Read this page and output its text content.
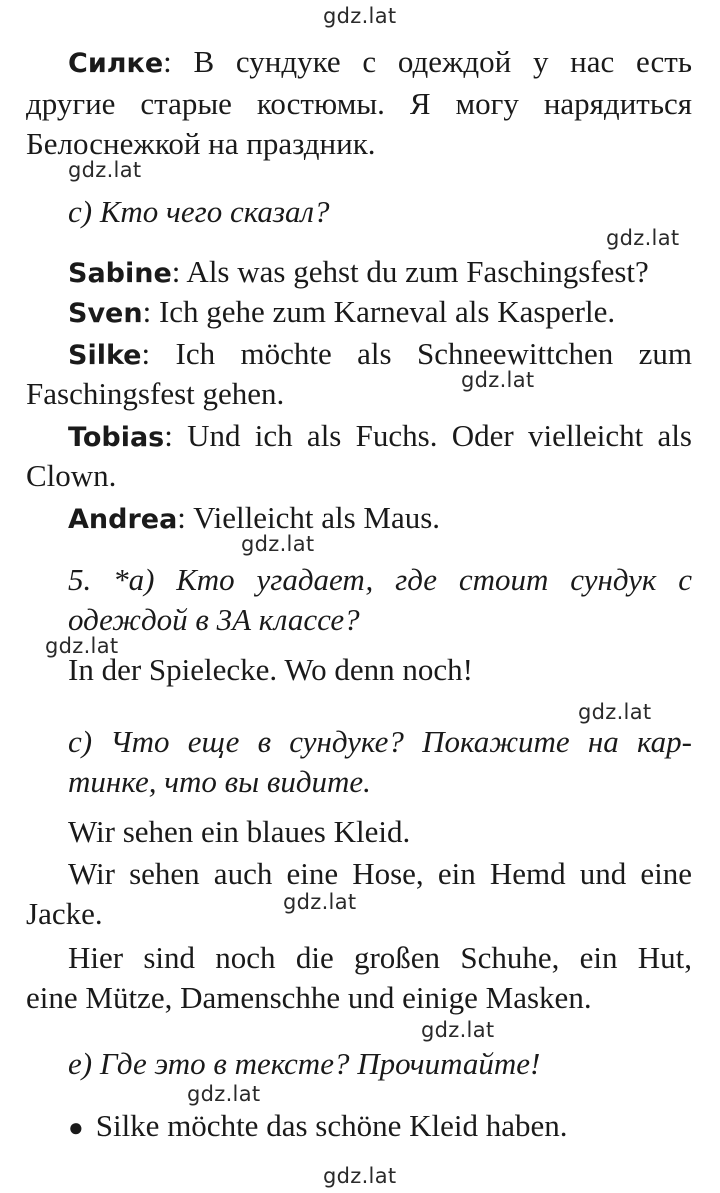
gdz.lat
gdz.lat
gdz.lat
gdz.lat
gdz.lat
gdz.lat
gdz.lat
gdz.lat
gdz.lat
gdz.lat
gdz.lat
Силке: В сундуке с одеждой у нас есть
другие старые костюмы. Я могу нарядиться
Белоснежкой на праздник.
c) Кто чего сказал?
Sabine: Als was gehst du zum Faschingsfest?
Sven: Ich gehe zum Karneval als Kasperle.
Silke: Ich möchte als Schneewittchen zum
Faschingsfest gehen.
Tobias: Und ich als Fuchs. Oder vielleicht als
Clown.
Andrea: Vielleicht als Maus.
5. *a) Кто угадает, где стоит сундук с
одеждой в 3А классе?
In der Spielecke. Wo denn noch!
c) Что еще в сундуке? Покажите на кар-
тинке, что вы видите.
Wir sehen ein blaues Kleid.
Wir sehen auch eine Hose, ein Hemd und eine
Jacke.
Hier sind noch die großen Schuhe, ein Hut,
eine Mütze, Damenschhe und einige Masken.
e) Где это в тексте? Прочитайте!
● Silke möchte das schöne Kleid haben.
